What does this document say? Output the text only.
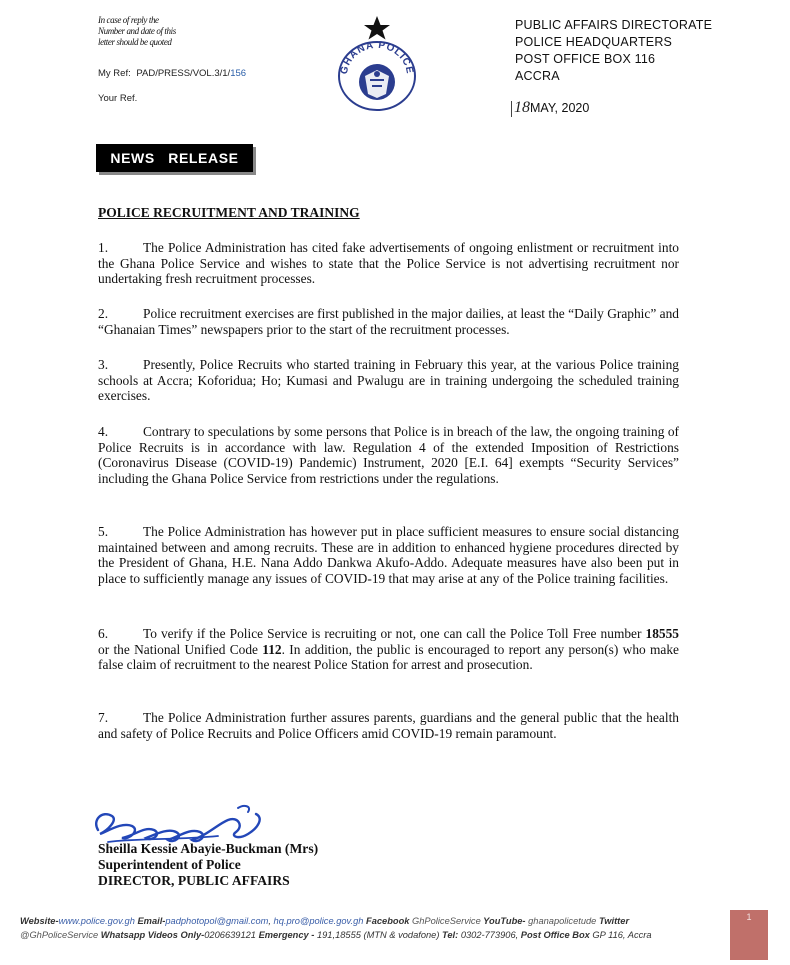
In case of reply the
Number and date of this
letter should be quoted
My Ref: PAD/PRESS/VOL.3/1/156
Your Ref.
GHANA POLICE
PUBLIC AFFAIRS DIRECTORATE
POLICE HEADQUARTERS
POST OFFICE BOX 116
ACCRA
18MAY, 2020
NEWS   RELEASE
POLICE RECRUITMENT AND TRAINING
1.	The Police Administration has cited fake advertisements of ongoing enlistment or recruitment into the Ghana Police Service and wishes to state that the Police Service is not advertising recruitment nor undertaking fresh recruitment processes.
2.	Police recruitment exercises are first published in the major dailies, at least the “Daily Graphic” and “Ghanaian Times” newspapers prior to the start of the recruitment processes.
3.	Presently, Police Recruits who started training in February this year, at the various Police training schools at Accra; Koforidua; Ho; Kumasi and Pwalugu are in training undergoing the scheduled training exercises.
4.	Contrary to speculations by some persons that Police is in breach of the law, the ongoing training of Police Recruits is in accordance with law. Regulation 4 of the extended Imposition of Restrictions (Coronavirus Disease (COVID-19) Pandemic) Instrument, 2020 [E.I. 64] exempts “Security Services” including the Ghana Police Service from restrictions under the regulations.
5.	The Police Administration has however put in place sufficient measures to ensure social distancing maintained between and among recruits. These are in addition to enhanced hygiene procedures directed by the President of Ghana, H.E. Nana Addo Dankwa Akufo-Addo. Adequate measures have also been put in place to sufficiently manage any issues of COVID-19 that may arise at any of the Police training facilities.
6.	To verify if the Police Service is recruiting or not, one can call the Police Toll Free number 18555 or the National Unified Code 112. In addition, the public is encouraged to report any person(s) who make false claim of recruitment to the nearest Police Station for arrest and prosecution.
7.	The Police Administration further assures parents, guardians and the general public that the health and safety of Police Recruits and Police Officers amid COVID-19 remain paramount.
Sheilla Kessie Abayie-Buckman (Mrs)
Superintendent of Police
DIRECTOR, PUBLIC AFFAIRS
Website-www.police.gov.gh Email-padphotopol@gmail.com, hq.pro@police.gov.gh Facebook GhPoliceService YouTube- ghanapolicetude Twitter
@GhPoliceService Whatsapp Videos Only-0206639121 Emergency - 191,18555 (MTN & vodafone) Tel: 0302-773906, Post Office Box GP 116, Accra
1
